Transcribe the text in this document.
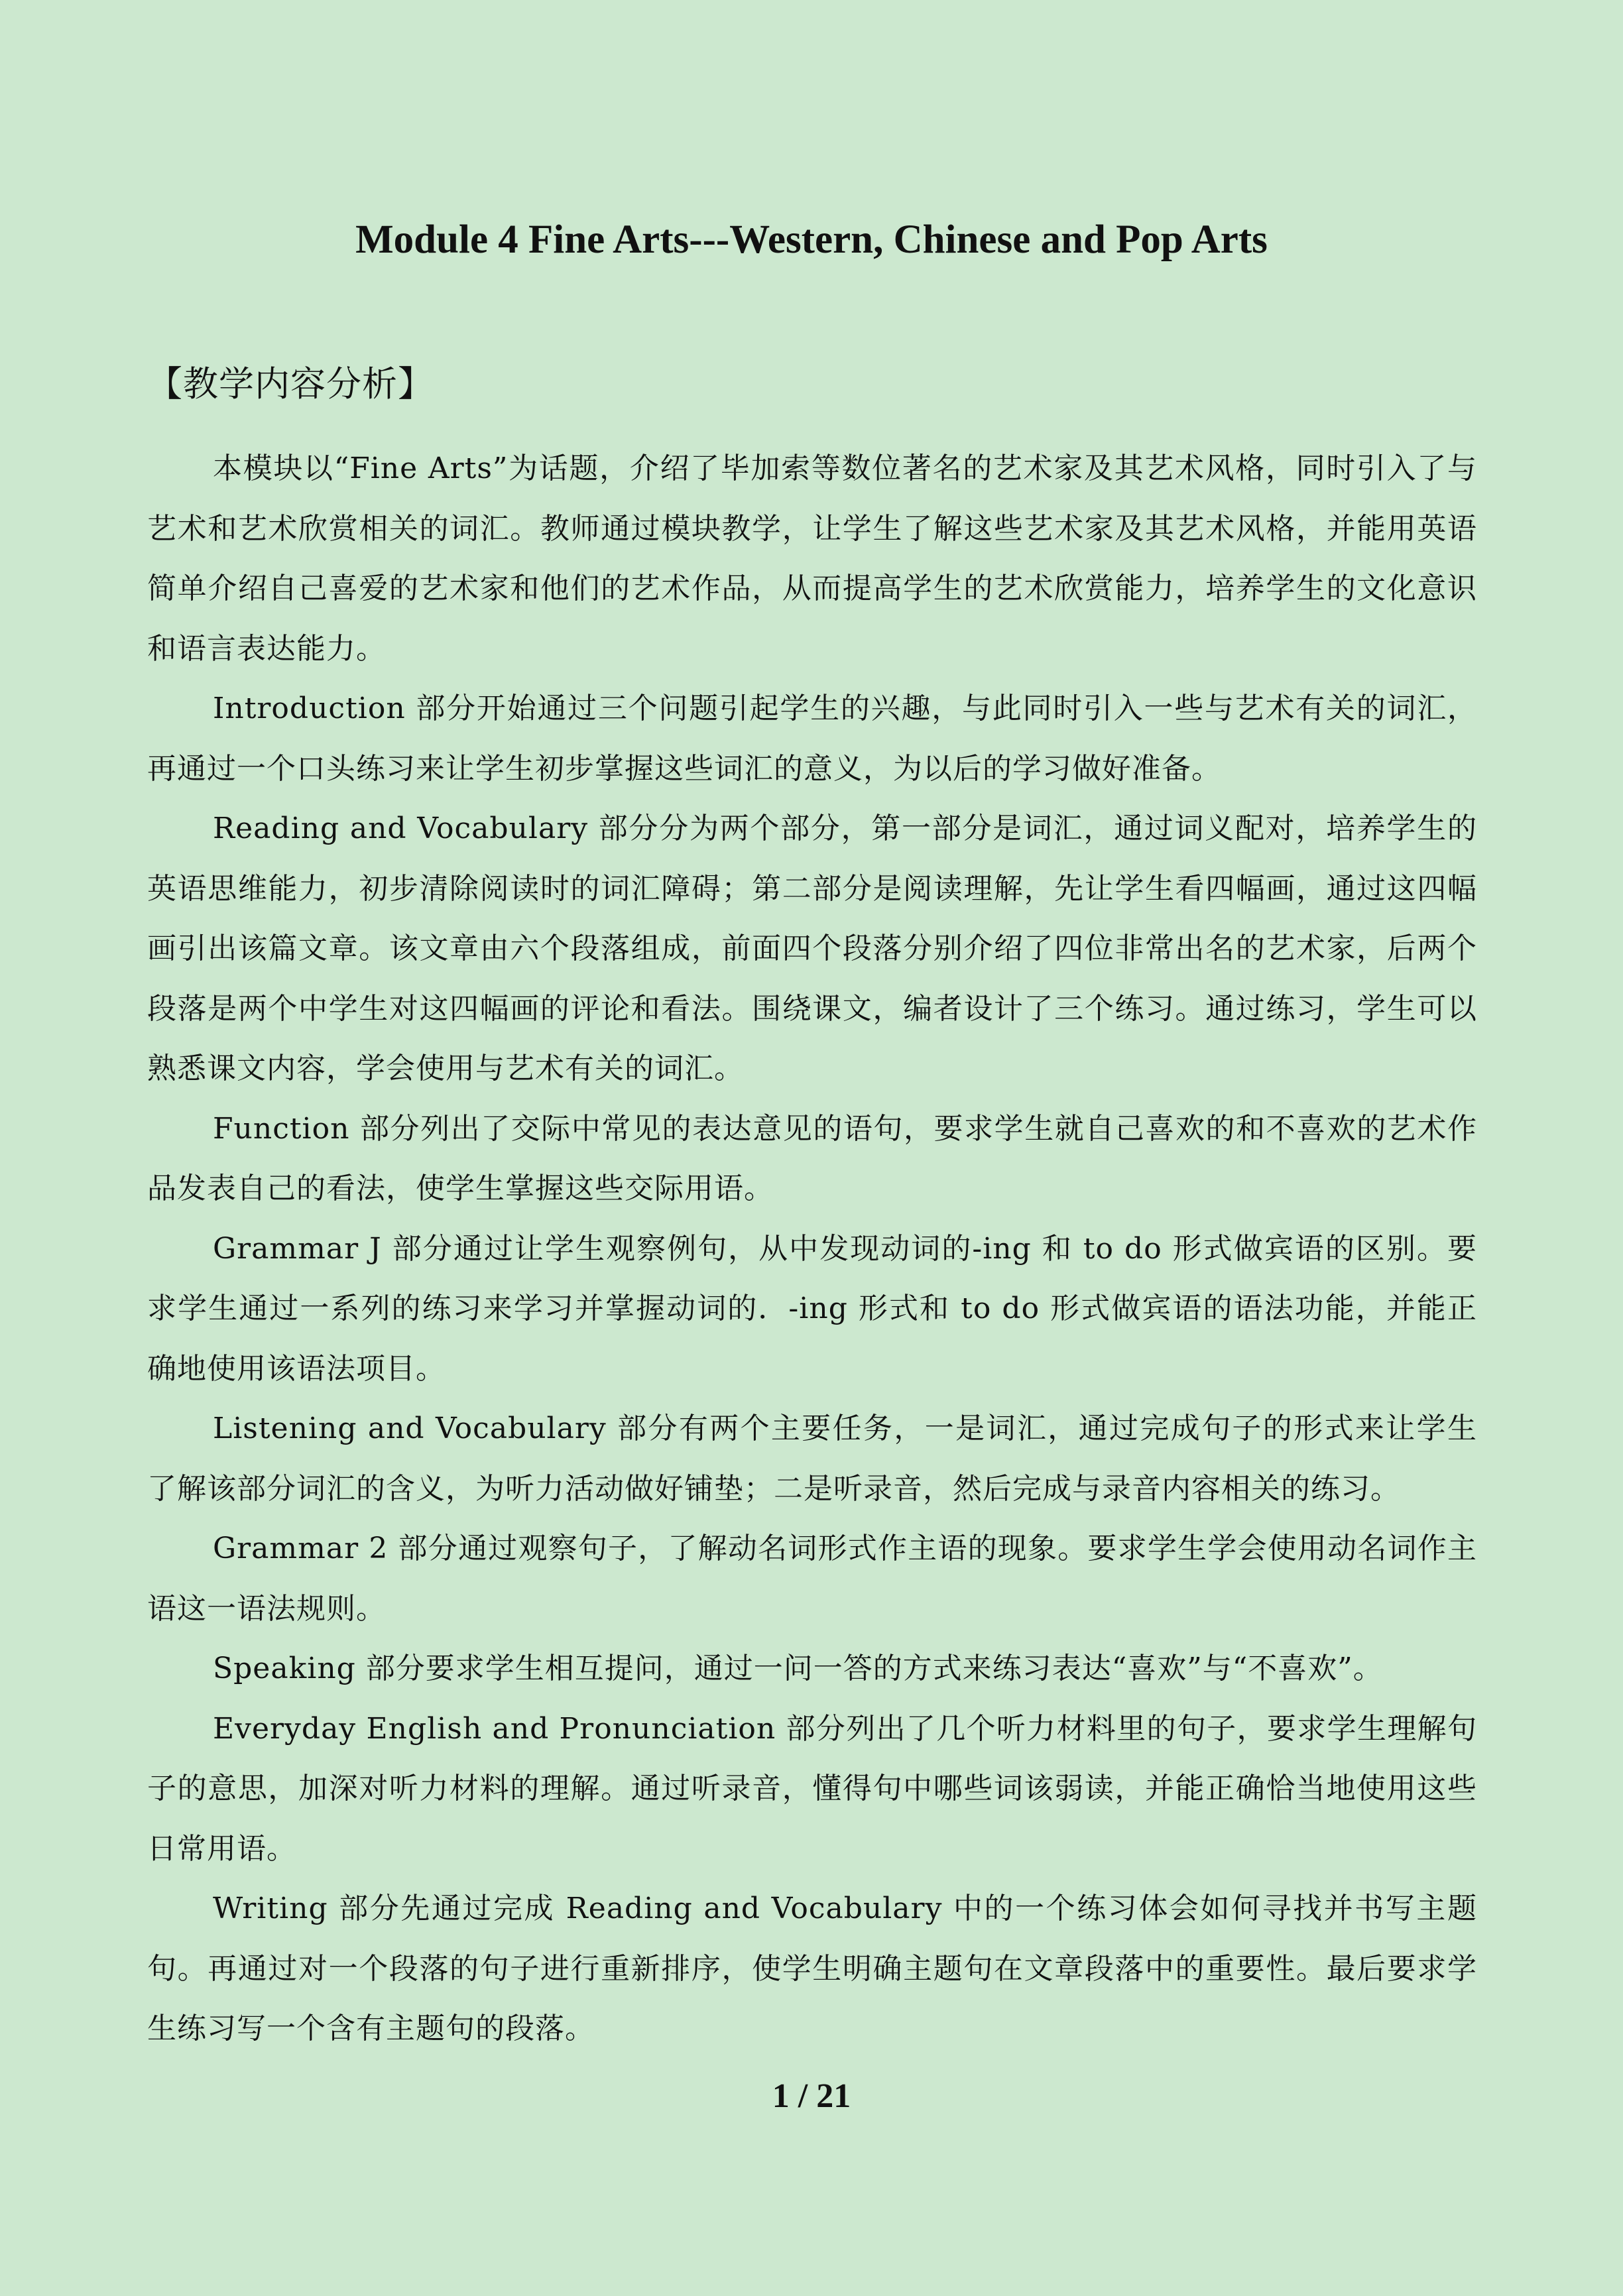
Module 4 Fine Arts---Western, Chinese and Pop Arts
【教学内容分析】

本模块以“Fine Arts”为话题，介绍了毕加索等数位著名的艺术家及其艺术风格，同时引入了与艺术和艺术欣赏相关的词汇。教师通过模块教学，让学生了解这些艺术家及其艺术风格，并能用英语简单介绍自己喜爱的艺术家和他们的艺术作品，从而提高学生的艺术欣赏能力，培养学生的文化意识和语言表达能力。

Introduction 部分开始通过三个问题引起学生的兴趣，与此同时引入一些与艺术有关的词汇，再通过一个口头练习来让学生初步掌握这些词汇的意义，为以后的学习做好准备。

Reading and Vocabulary 部分分为两个部分，第一部分是词汇，通过词义配对，培养学生的英语思维能力，初步清除阅读时的词汇障碍；第二部分是阅读理解，先让学生看四幅画，通过这四幅画引出该篇文章。该文章由六个段落组成，前面四个段落分别介绍了四位非常出名的艺术家，后两个段落是两个中学生对这四幅画的评论和看法。围绕课文，编者设计了三个练习。通过练习，学生可以熟悉课文内容，学会使用与艺术有关的词汇。

Function 部分列出了交际中常见的表达意见的语句，要求学生就自己喜欢的和不喜欢的艺术作品发表自己的看法，使学生掌握这些交际用语。

Grammar J 部分通过让学生观察例句，从中发现动词的-ing 和 to do 形式做宾语的区别。要求学生通过一系列的练习来学习并掌握动词的．-ing 形式和 to do 形式做宾语的语法功能，并能正确地使用该语法项目。

Listening and Vocabulary 部分有两个主要任务，一是词汇，通过完成句子的形式来让学生了解该部分词汇的含义，为听力活动做好铺垫；二是听录音，然后完成与录音内容相关的练习。

Grammar 2 部分通过观察句子，了解动名词形式作主语的现象。要求学生学会使用动名词作主语这一语法规则。

Speaking 部分要求学生相互提问，通过一问一答的方式来练习表达“喜欢”与“不喜欢”。

Everyday English and Pronunciation 部分列出了几个听力材料里的句子，要求学生理解句子的意思，加深对听力材料的理解。通过听录音，懂得句中哪些词该弱读，并能正确恰当地使用这些日常用语。

Writing 部分先通过完成 Reading and Vocabulary 中的一个练习体会如何寻找并书写主题句。再通过对一个段落的句子进行重新排序，使学生明确主题句在文章段落中的重要性。最后要求学生练习写一个含有主题句的段落。

1 / 21
